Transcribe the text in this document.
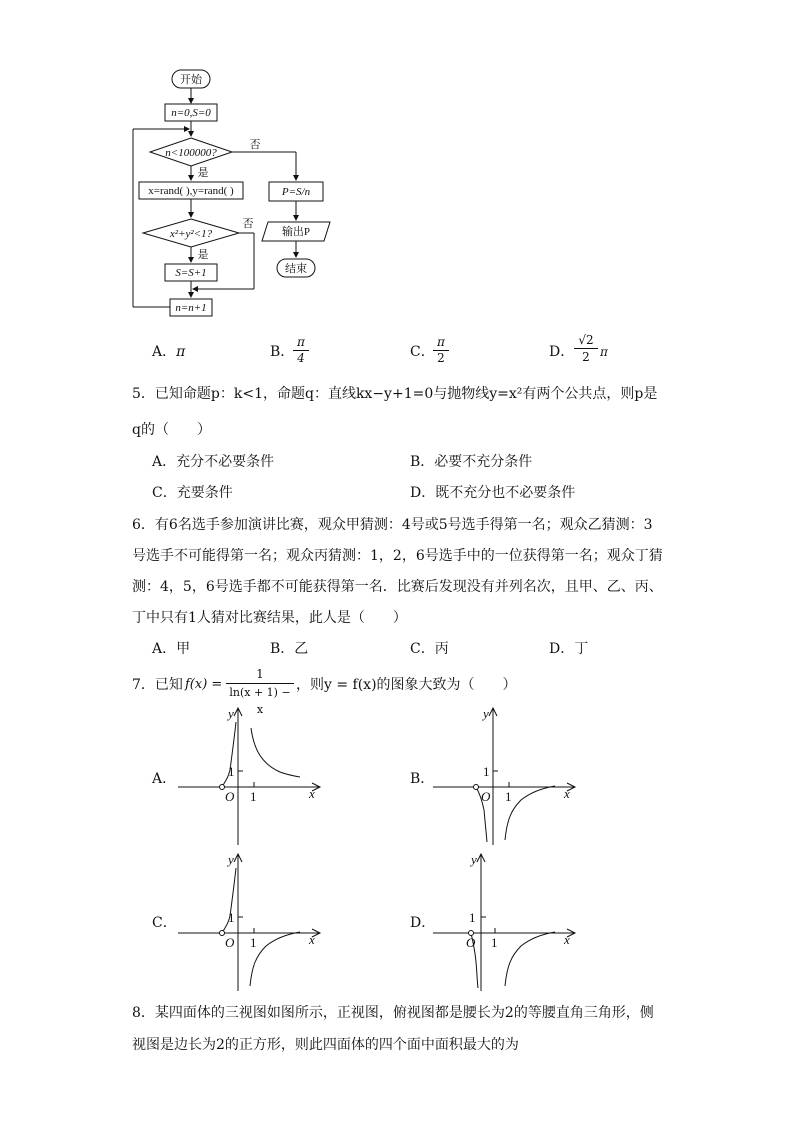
开始
n=0,S=0
n<100000?
否
是
x=rand( ),y=rand( )
x²+y²<1?
否
是
S=S+1
n=n+1
P=S/n
输出P
结束
A．π	B．
$\frac{\pi}{4}$	C．
$\frac{\pi}{2}$	D． $\frac{√2}{2}$ π
5．已知命题p：k<1，命题q：直线kx−y+1=0与抛物线y=x²有两个公共点，则p是
q的（　　）
A．充分不必要条件	B．必要不充分条件
C．充要条件	D．既不充分也不必要条件
6．有6名选手参加演讲比赛，观众甲猜测：4号或5号选手得第一名；观众乙猜测：3
号选手不可能得第一名；观众丙猜测：1，2，6号选手中的一位获得第一名；观众丁猜
测：4，5，6号选手都不可能获得第一名．比赛后发现没有并列名次，且甲、乙、丙、
丁中只有1人猜对比赛结果，此人是（　　）
A．甲	B．乙	C．丙	D．丁
7．已知 $f(x) = \frac{1}{\ln(x + 1) - x}$ ，则y = f(x)的图象大致为（　　）
A．	B．
C．	D．
y
x
O 1
1
y
x
O 1
1
y
x
O 1
1
y
x
O 1
1
8．某四面体的三视图如图所示，正视图，俯视图都是腰长为2的等腰直角三角形，侧
视图是边长为2的正方形，则此四面体的四个面中面积最大的为
